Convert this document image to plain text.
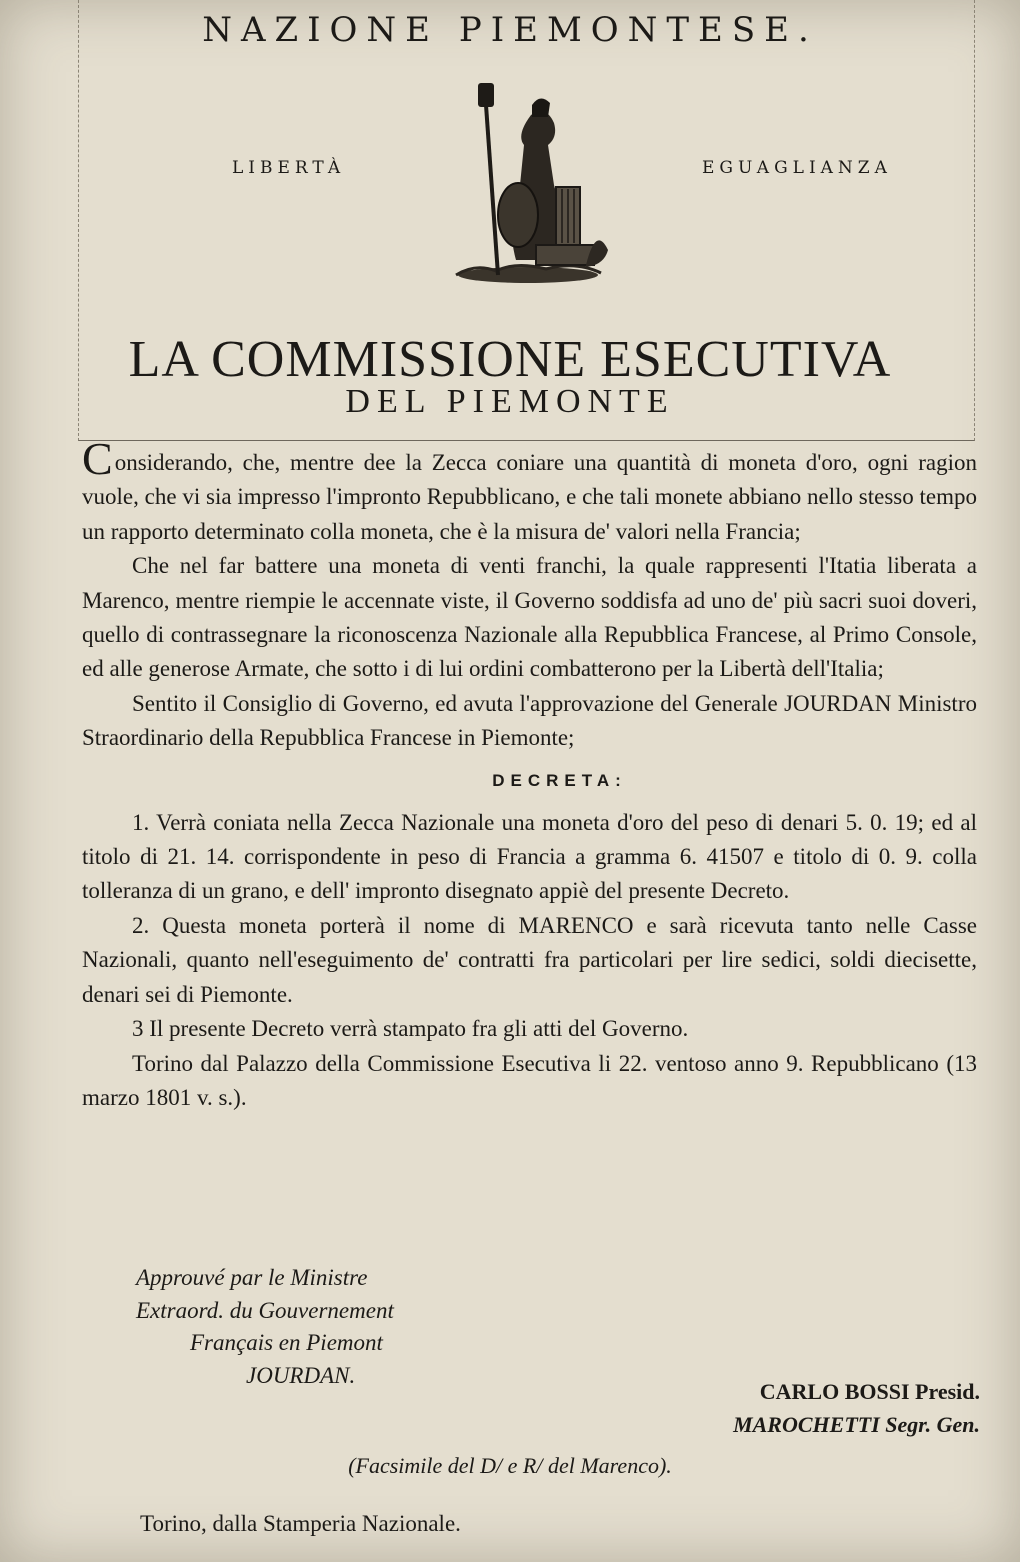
NAZIONE PIEMONTESE.
LIBERTÀ	EGUAGLIANZA
LA COMMISSIONE ESECUTIVA
DEL PIEMONTE

Considerando, che, mentre dee la Zecca coniare una quantità di moneta d'oro, ogni ragion vuole, che vi sia impresso l'impronto Repubblicano, e che tali monete abbiano nello stesso tempo un rapporto determinato colla moneta, che è la misura de' valori nella Francia;

Che nel far battere una moneta di venti franchi, la quale rappresenti l'Itatia liberata a Marenco, mentre riempie le accennate viste, il Governo soddisfa ad uno de' più sacri suoi doveri, quello di contrassegnare la riconoscenza Nazionale alla Repubblica Francese, al Primo Console, ed alle generose Armate, che sotto i di lui ordini combatterono per la Libertà dell'Italia;

Sentito il Consiglio di Governo, ed avuta l'approvazione del Generale JOURDAN Ministro Straordinario della Repubblica Francese in Piemonte;

DECRETA:

1. Verrà coniata nella Zecca Nazionale una moneta d'oro del peso di denari 5. 0. 19; ed al titolo di 21. 14. corrispondente in peso di Francia a gramma 6. 41507 e titolo di 0. 9. colla tolleranza di un grano, e dell' impronto disegnato appiè del presente Decreto.

2. Questa moneta porterà il nome di MARENCO e sarà ricevuta tanto nelle Casse Nazionali, quanto nell'eseguimento de' contratti fra particolari per lire sedici, soldi diecisette, denari sei di Piemonte.

3 Il presente Decreto verrà stampato fra gli atti del Governo.

Torino dal Palazzo della Commissione Esecutiva li 22. ventoso anno 9. Repubblicano (13 marzo 1801 v. s.).

Approuvé par le Ministre
Extraord. du Gouvernement
Français en Piemont
JOURDAN.
CARLO BOSSI Presid.
MAROCHETTI Segr. Gen.
(Facsimile del D/ e R/ del Marenco).
Torino, dalla Stamperia Nazionale.
